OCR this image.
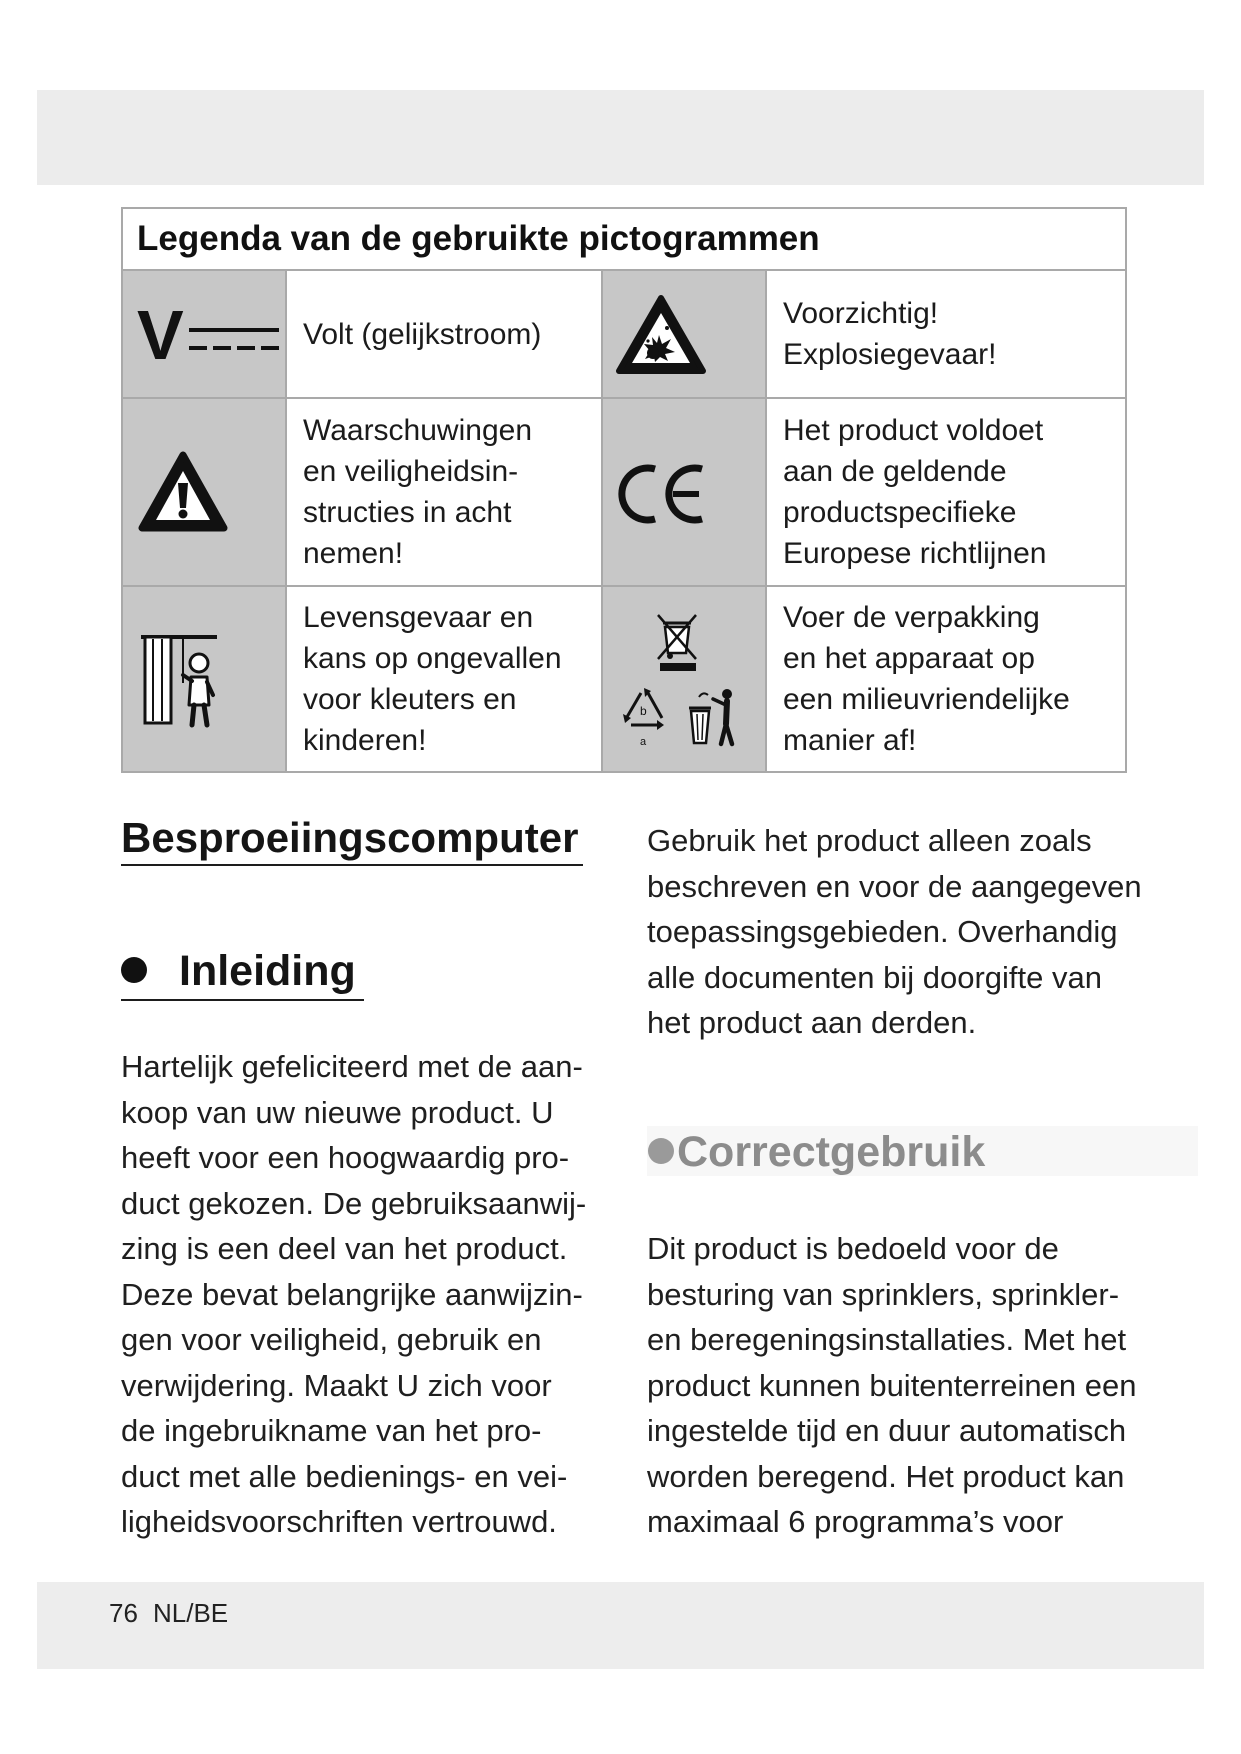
Legenda van de gebruikte pictogrammen
V	Volt (gelijkstroom)
Voorzichtig!
Explosiegevaar!
Waarschuwingen
en veiligheidsin-
structies in acht
nemen!
Het product voldoet
aan de geldende
productspecifieke
Europese richtlijnen
Levensgevaar en
kans op ongevallen
voor kleuters en
kinderen!
b
a
Voer de verpakking
en het apparaat op
een milieuvriendelijke
manier af!
Besproeiingscomputer
Inleiding
Hartelijk gefeliciteerd met de aan-
koop van uw nieuwe product. U
heeft voor een hoogwaardig pro-
duct gekozen. De gebruiksaanwij-
zing is een deel van het product.
Deze bevat belangrijke aanwijzin-
gen voor veiligheid, gebruik en
verwijdering. Maakt U zich voor
de ingebruikname van het pro-
duct met alle bedienings- en vei-
ligheidsvoorschriften vertrouwd.
Gebruik het product alleen zoals
beschreven en voor de aangegeven
toepassingsgebieden. Overhandig
alle documenten bij doorgifte van
het product aan derden.
Correctgebruik
Dit product is bedoeld voor de
besturing van sprinklers, sprinkler-
en beregeningsinstallaties. Met het
product kunnen buitenterreinen een
ingestelde tijd en duur automatisch
worden beregend. Het product kan
maximaal 6 programma’s voor
76 NL/BE
